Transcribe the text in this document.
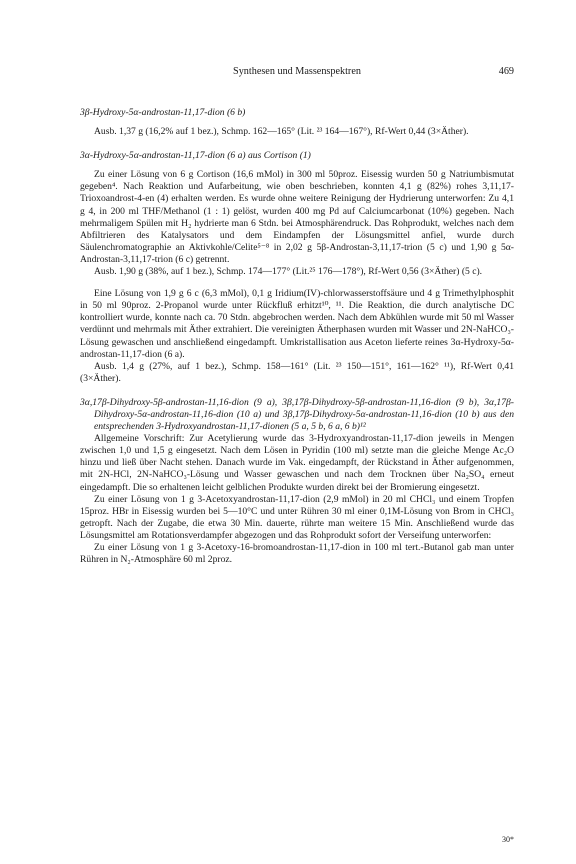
Synthesen und Massenspektren	469
3β-Hydroxy-5α-androstan-11,17-dion (6 b)

Ausb. 1,37 g (16,2% auf 1 bez.), Schmp. 162—165° (Lit. ²³ 164—167°), Rf-Wert 0,44 (3×Äther).

3α-Hydroxy-5α-androstan-11,17-dion (6 a) aus Cortison (1)

Zu einer Lösung von 6 g Cortison (16,6 mMol) in 300 ml 50proz. Eisessig wurden 50 g Natriumbismutat gegeben⁴. Nach Reaktion und Aufarbeitung, wie oben beschrieben, konnten 4,1 g (82%) rohes 3,11,17-Trioxoandrost-4-en (4) erhalten werden. Es wurde ohne weitere Reinigung der Hydrierung unterworfen: Zu 4,1 g 4, in 200 ml THF/Methanol (1 : 1) gelöst, wurden 400 mg Pd auf Calciumcarbonat (10%) gegeben. Nach mehrmaligem Spülen mit H₂ hydrierte man 6 Stdn. bei Atmosphärendruck. Das Rohprodukt, welches nach dem Abfiltrieren des Katalysators und dem Eindampfen der Lösungsmittel anfiel, wurde durch Säulenchromatographie an Aktivkohle/Celite⁵⁻⁸ in 2,02 g 5β-Androstan-3,11,17-trion (5 c) und 1,90 g 5α-Androstan-3,11,17-trion (6 c) getrennt.

Ausb. 1,90 g (38%, auf 1 bez.), Schmp. 174—177° (Lit.²⁵ 176—178°), Rf-Wert 0,56 (3×Äther) (5 c).

Eine Lösung von 1,9 g 6 c (6,3 mMol), 0,1 g Iridium(IV)-chlorwasserstoffsäure und 4 g Trimethylphosphit in 50 ml 90proz. 2-Propanol wurde unter Rückfluß erhitzt¹⁰, ¹¹. Die Reaktion, die durch analytische DC kontrolliert wurde, konnte nach ca. 70 Stdn. abgebrochen werden. Nach dem Abkühlen wurde mit 50 ml Wasser verdünnt und mehrmals mit Äther extrahiert. Die vereinigten Ätherphasen wurden mit Wasser und 2N-NaHCO₃-Lösung gewaschen und anschließend eingedampft. Umkristallisation aus Aceton lieferte reines 3α-Hydroxy-5α-androstan-11,17-dion (6 a).

Ausb. 1,4 g (27%, auf 1 bez.), Schmp. 158—161° (Lit. ²³ 150—151°, 161—162° ¹¹), Rf-Wert 0,41 (3×Äther).

3α,17β-Dihydroxy-5β-androstan-11,16-dion (9 a), 3β,17β-Dihydroxy-5β-androstan-11,16-dion (9 b), 3α,17β-Dihydroxy-5α-androstan-11,16-dion (10 a) und 3β,17β-Dihydroxy-5α-androstan-11,16-dion (10 b) aus den entsprechenden 3-Hydroxyandrostan-11,17-dionen (5 a, 5 b, 6 a, 6 b)¹²

Allgemeine Vorschrift: Zur Acetylierung wurde das 3-Hydroxyandrostan-11,17-dion jeweils in Mengen zwischen 1,0 und 1,5 g eingesetzt. Nach dem Lösen in Pyridin (100 ml) setzte man die gleiche Menge Ac₂O hinzu und ließ über Nacht stehen. Danach wurde im Vak. eingedampft, der Rückstand in Äther aufgenommen, mit 2N-HCl, 2N-NaHCO₃-Lösung und Wasser gewaschen und nach dem Trocknen über Na₂SO₄ erneut eingedampft. Die so erhaltenen leicht gelblichen Produkte wurden direkt bei der Bromierung eingesetzt.

Zu einer Lösung von 1 g 3-Acetoxyandrostan-11,17-dion (2,9 mMol) in 20 ml CHCl₃ und einem Tropfen 15proz. HBr in Eisessig wurden bei 5—10°C und unter Rühren 30 ml einer 0,1M-Lösung von Brom in CHCl₃ getropft. Nach der Zugabe, die etwa 30 Min. dauerte, rührte man weitere 15 Min. Anschließend wurde das Lösungsmittel am Rotationsverdampfer abgezogen und das Rohprodukt sofort der Verseifung unterworfen:

Zu einer Lösung von 1 g 3-Acetoxy-16-bromoandrostan-11,17-dion in 100 ml tert.-Butanol gab man unter Rühren in N₂-Atmosphäre 60 ml 2proz.

30*
